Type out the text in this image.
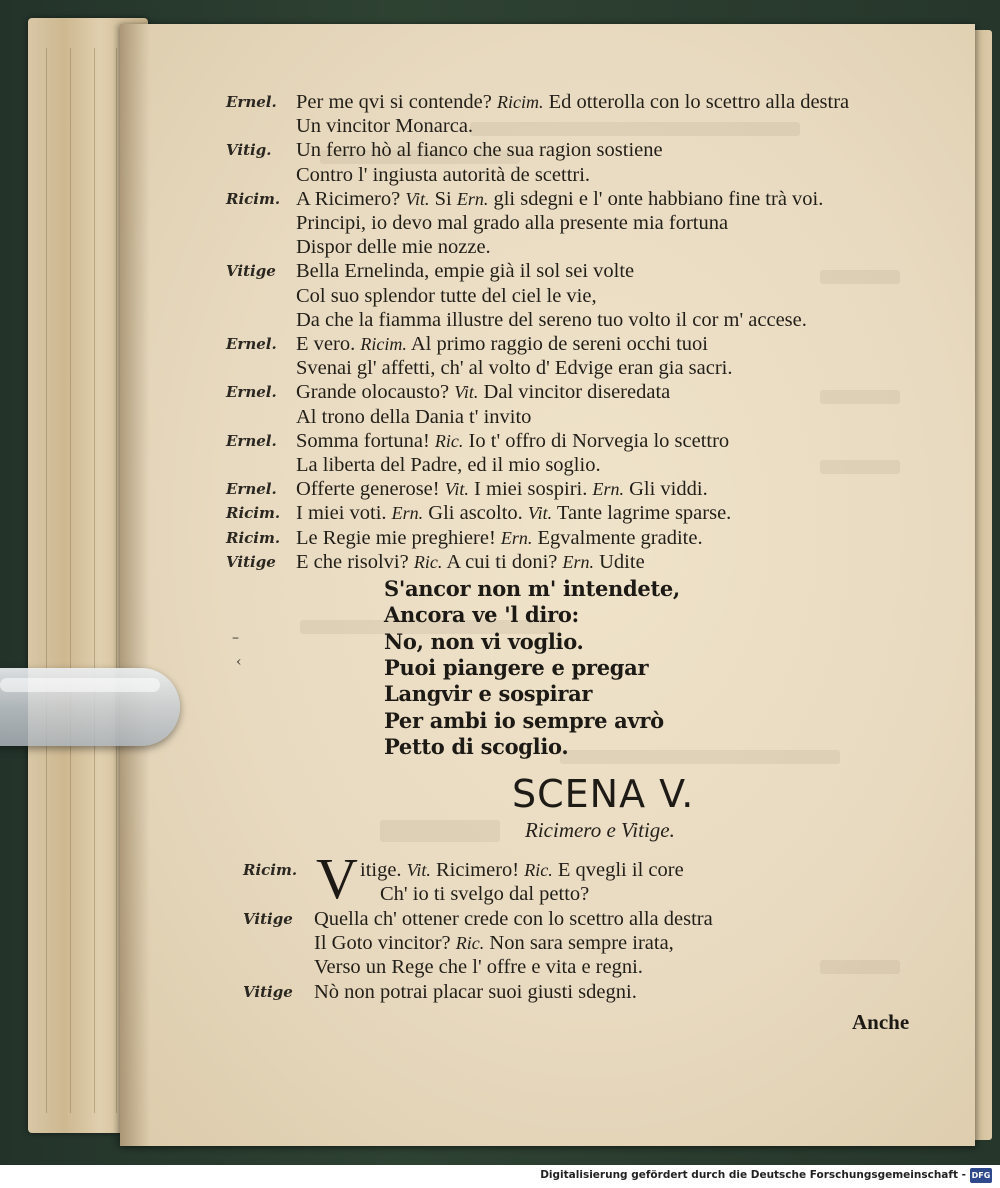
Ernel. Per me qvi si contende? Ricim. Ed otterolla con lo scettro alla destra
Un vincitor Monarca.
Vitig. Un ferro hò al fianco che sua ragion sostiene
Contro l' ingiusta autorità de scettri.
Ricim. A Ricimero? Vit. Si Ern. gli sdegni e l' onte habbiano fine trà voi.
Principi, io devo mal grado alla presente mia fortuna
Dispor delle mie nozze.
Vitige Bella Ernelinda, empie già il sol sei volte
Col suo splendor tutte del ciel le vie,
Da che la fiamma illustre del sereno tuo volto il cor m' accese.
Ernel. E vero. Ricim. Al primo raggio de sereni occhi tuoi
Svenai gl' affetti, ch' al volto d' Edvige eran gia sacri.
Ernel. Grande olocausto? Vit. Dal vincitor diseredata
Al trono della Dania t' invito
Ernel. Somma fortuna! Ric. Io t' offro di Norvegia lo scettro
La liberta del Padre, ed il mio soglio.
Ernel. Offerte generose! Vit. I miei sospiri. Ern. Gli viddi.
Ricim. I miei voti. Ern. Gli ascolto. Vit. Tante lagrime sparse.
Ricim. Le Regie mie preghiere! Ern. Egvalmente gradite.
Vitige E che risolvi? Ric. A cui ti doni? Ern. Udite
S'ancor non m' intendete,
Ancora ve 'l diro:
No, non vi voglio.
Puoi piangere e pregar
Langvir e sospirar
Per ambi io sempre avrò
Petto di scoglio.
–
‹
SCENA V.
Ricimero e Vitige.
V
Ricim.	itige. Vit. Ricimero! Ric. E qvegli il core
Ch' io ti svelgo dal petto?
Vitige Quella ch' ottener crede con lo scettro alla destra
Il Goto vincitor? Ric. Non sara sempre irata,
Verso un Rege che l' offre e vita e regni.
Vitige Nò non potrai placar suoi giusti sdegni.
Anche
Digitalisierung gefördert durch die Deutsche Forschungsgemeinschaft - DFG
